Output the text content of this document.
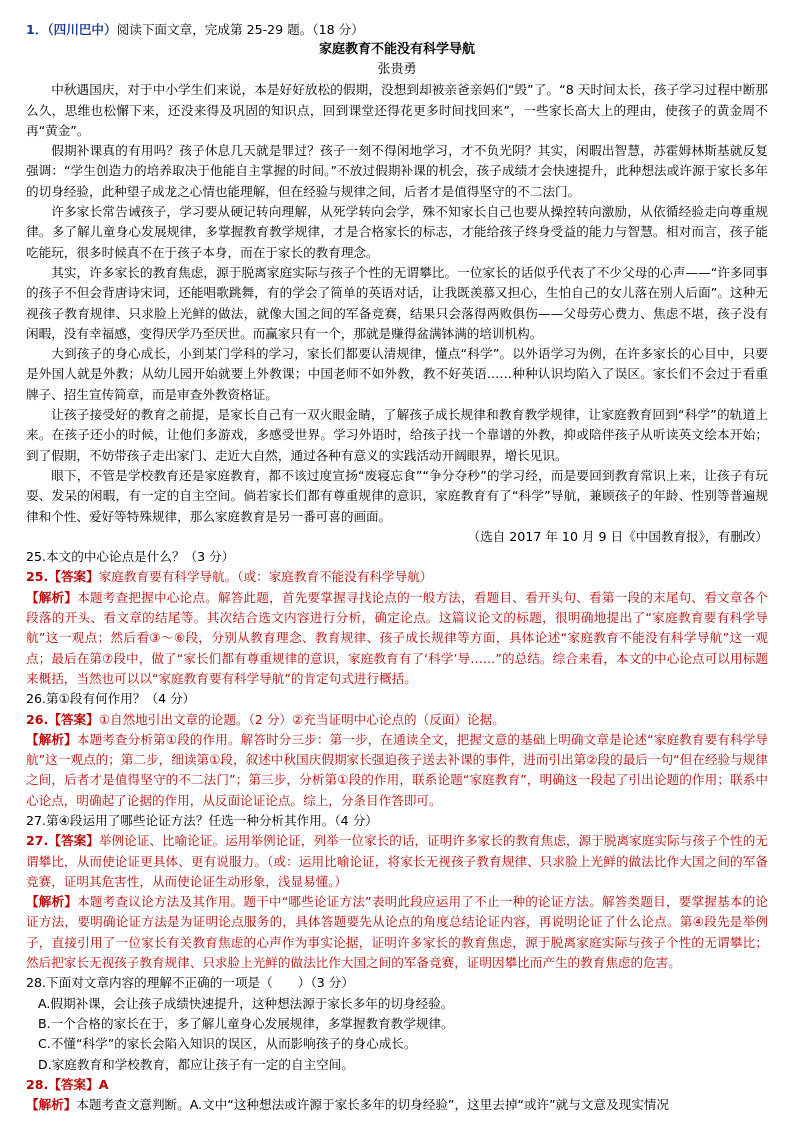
1．（四川巴中）阅读下面文章，完成第 25-29 题。（18 分）

家庭教育不能没有科学导航

张贵勇

中秋遇国庆，对于中小学生们来说，本是好好放松的假期，没想到却被亲爸亲妈们“毁”了。“8 天时间太长，孩子学习过程中断那么久，思维也松懈下来，还没来得及巩固的知识点，回到课堂还得花更多时间找回来”，一些家长高大上的理由，使孩子的黄金周不再“黄金”。

假期补课真的有用吗？孩子休息几天就是罪过？孩子一刻不得闲地学习，才不负光阴？其实，闲暇出智慧，苏霍姆林斯基就反复强调：“学生创造力的培养取决于他能自主掌握的时间。”不放过假期补课的机会，孩子成绩才会快速提升，此种想法或许源于家长多年的切身经验，此种望子成龙之心情也能理解，但在经验与规律之间，后者才是值得坚守的不二法门。

许多家长常告诫孩子，学习要从硬记转向理解，从死学转向会学，殊不知家长自己也要从操控转向激励，从依循经验走向尊重规律。多了解儿童身心发展规律，多掌握教育教学规律，才是合格家长的标志，才能给孩子终身受益的能力与智慧。相对而言，孩子能吃能玩，很多时候真不在于孩子本身，而在于家长的教育理念。

其实，许多家长的教育焦虑，源于脱离家庭实际与孩子个性的无谓攀比。一位家长的话似乎代表了不少父母的心声——“许多同事的孩子不但会背唐诗宋词，还能唱歌跳舞，有的学会了简单的英语对话，让我既羡慕又担心，生怕自己的女儿落在别人后面”。这种无视孩子教育规律、只求脸上光鲜的做法，就像大国之间的军备竞赛，结果只会落得两败俱伤——父母劳心费力、焦虑不堪，孩子没有闲暇，没有幸福感，变得厌学乃至厌世。而赢家只有一个，那就是赚得盆满钵满的培训机构。

大到孩子的身心成长，小到某门学科的学习，家长们都要认清规律，懂点“科学”。以外语学习为例，在许多家长的心目中，只要是外国人就是外教；从幼儿园开始就要上外教课；中国老师不如外教，教不好英语……种种认识均陷入了误区。家长们不会过于看重牌子、招生宣传简章，而是审查外教资格证。

让孩子接受好的教育之前提，是家长自己有一双火眼金睛，了解孩子成长规律和教育教学规律，让家庭教育回到“科学”的轨道上来。在孩子还小的时候，让他们多游戏，多感受世界。学习外语时，给孩子找一个靠谱的外教，抑或陪伴孩子从听读英文绘本开始；到了假期，不妨带孩子走出家门、走近大自然，通过各种有意义的实践活动开阔眼界，增长见识。

眼下，不管是学校教育还是家庭教育，都不该过度宣扬“废寝忘食”“争分夺秒”的学习经，而是要回到教育常识上来，让孩子有玩耍、发呆的闲暇，有一定的自主空间。倘若家长们都有尊重规律的意识，家庭教育有了“科学”导航，兼顾孩子的年龄、性别等普遍规律和个性、爱好等特殊规律，那么家庭教育是另一番可喜的画面。

（选自 2017 年 10 月 9 日《中国教育报》，有删改）

25.本文的中心论点是什么？（3 分）

25.【答案】家庭教育要有科学导航。（或：家庭教育不能没有科学导航）

【解析】本题考查把握中心论点。解答此题，首先要掌握寻找论点的一般方法，看题目、看开头句、看第一段的末尾句、看文章各个段落的开头、看文章的结尾等。其次结合选文内容进行分析，确定论点。这篇议论文的标题，很明确地提出了“家庭教育要有科学导航”这一观点；然后看③～⑥段，分别从教育理念、教育规律、孩子成长规律等方面，具体论述“家庭教育不能没有科学导航”这一观点；最后在第⑦段中，做了“家长们都有尊重规律的意识，家庭教育有了‘科学’导……”的总结。综合来看，本文的中心论点可以用标题来概括，当然也可以以“家庭教育要有科学导航”的肯定句式进行概括。

26.第①段有何作用？（4 分）

26.【答案】①自然地引出文章的论题。（2 分）②充当证明中心论点的（反面）论据。

【解析】本题考查分析第①段的作用。解答时分三步：第一步，在通读全文，把握文意的基础上明确文章是论述“家庭教育要有科学导航”这一观点的；第二步，细读第①段，叙述中秋国庆假期家长强迫孩子送去补课的事件，进而引出第②段的最后一句“但在经验与规律之间，后者才是值得坚守的不二法门”；第三步，分析第①段的作用，联系论题“家庭教育”，明确这一段起了引出论题的作用；联系中心论点，明确起了论据的作用，从反面论证论点。综上，分条目作答即可。

27.第④段运用了哪些论证方法？任选一种分析其作用。（4 分）

27.【答案】举例论证、比喻论证。运用举例论证，列举一位家长的话，证明许多家长的教育焦虑，源于脱离家庭实际与孩子个性的无谓攀比，从而使论证更具体、更有说服力。（或：运用比喻论证，将家长无视孩子教育规律、只求脸上光鲜的做法比作大国之间的军备竞赛，证明其危害性，从而使论证生动形象，浅显易懂。）

【解析】本题考查议论方法及其作用。题干中“哪些论证方法”表明此段应运用了不止一种的论证方法。解答类题目，要掌握基本的论证方法，要明确论证方法是为证明论点服务的，具体答题要先从论点的角度总结论证内容，再说明论证了什么论点。第④段先是举例子，直接引用了一位家长有关教育焦虑的心声作为事实论据，证明许多家长的教育焦虑，源于脱离家庭实际与孩子个性的无谓攀比；然后把家长无视孩子教育规律、只求脸上光鲜的做法比作大国之间的军备竞赛，证明因攀比而产生的教育焦虑的危害。

28.下面对文章内容的理解不正确的一项是（　　）（3 分）

A.假期补课，会让孩子成绩快速提升，这种想法源于家长多年的切身经验。

B.一个合格的家长在于，多了解儿童身心发展规律，多掌握教育教学规律。

C.不懂“科学”的家长会陷入知识的误区，从而影响孩子的身心成长。

D.家庭教育和学校教育，都应让孩子有一定的自主空间。

28.【答案】A

【解析】本题考查文意判断。A.文中“这种想法或许源于家长多年的切身经验”，这里去掉“或许”就与文意及现实情况
